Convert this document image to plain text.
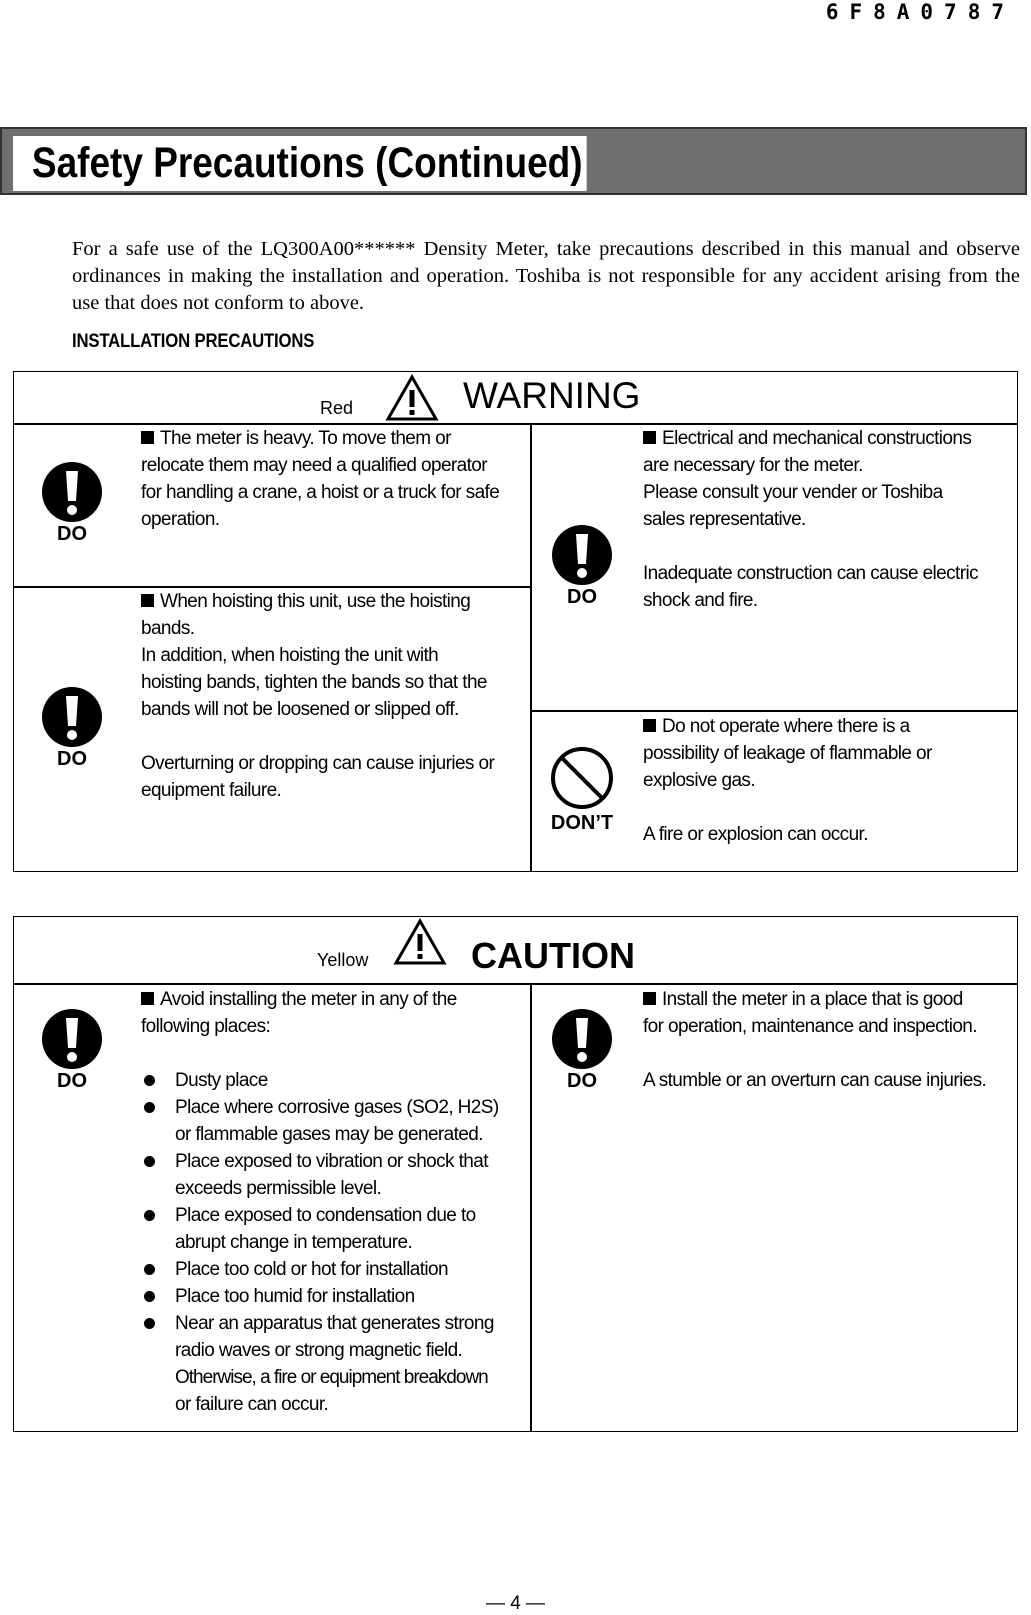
6F8A0787
Safety Precautions (Continued)
For a safe use of the LQ300A00****** Density Meter, take precautions described in this manual and observe ordinances in making the installation and operation. Toshiba is not responsible for any accident arising from the use that does not conform to above.
INSTALLATION PRECAUTIONS
Red	WARNING
DO
The meter is heavy. To move them or
relocate them may need a qualified operator
for handling a crane, a hoist or a truck for safe
operation.
DO
When hoisting this unit, use the hoisting
bands.
In addition, when hoisting the unit with
hoisting bands, tighten the bands so that the
bands will not be loosened or slipped off.

Overturning or dropping can cause injuries or
equipment failure.
DO
Electrical and mechanical constructions
are necessary for the meter.
Please consult your vender or Toshiba
sales representative.

Inadequate construction can cause electric
shock and fire.
DON’T
Do not operate where there is a
possibility of leakage of flammable or
explosive gas.

A fire or explosion can occur.
Yellow	CAUTION
DO
Avoid installing the meter in any of the
following places:

Dusty place
Place where corrosive gases (SO2, H2S)
or flammable gases may be generated.
Place exposed to vibration or shock that
exceeds permissible level.
Place exposed to condensation due to
abrupt change in temperature.
Place too cold or hot for installation
Place too humid for installation
Near an apparatus that generates strong
radio waves or strong magnetic field.
Otherwise, a fire or equipment breakdown
or failure can occur.
DO
Install the meter in a place that is good
for operation, maintenance and inspection.

A stumble or an overturn can cause injuries.
— 4 —
